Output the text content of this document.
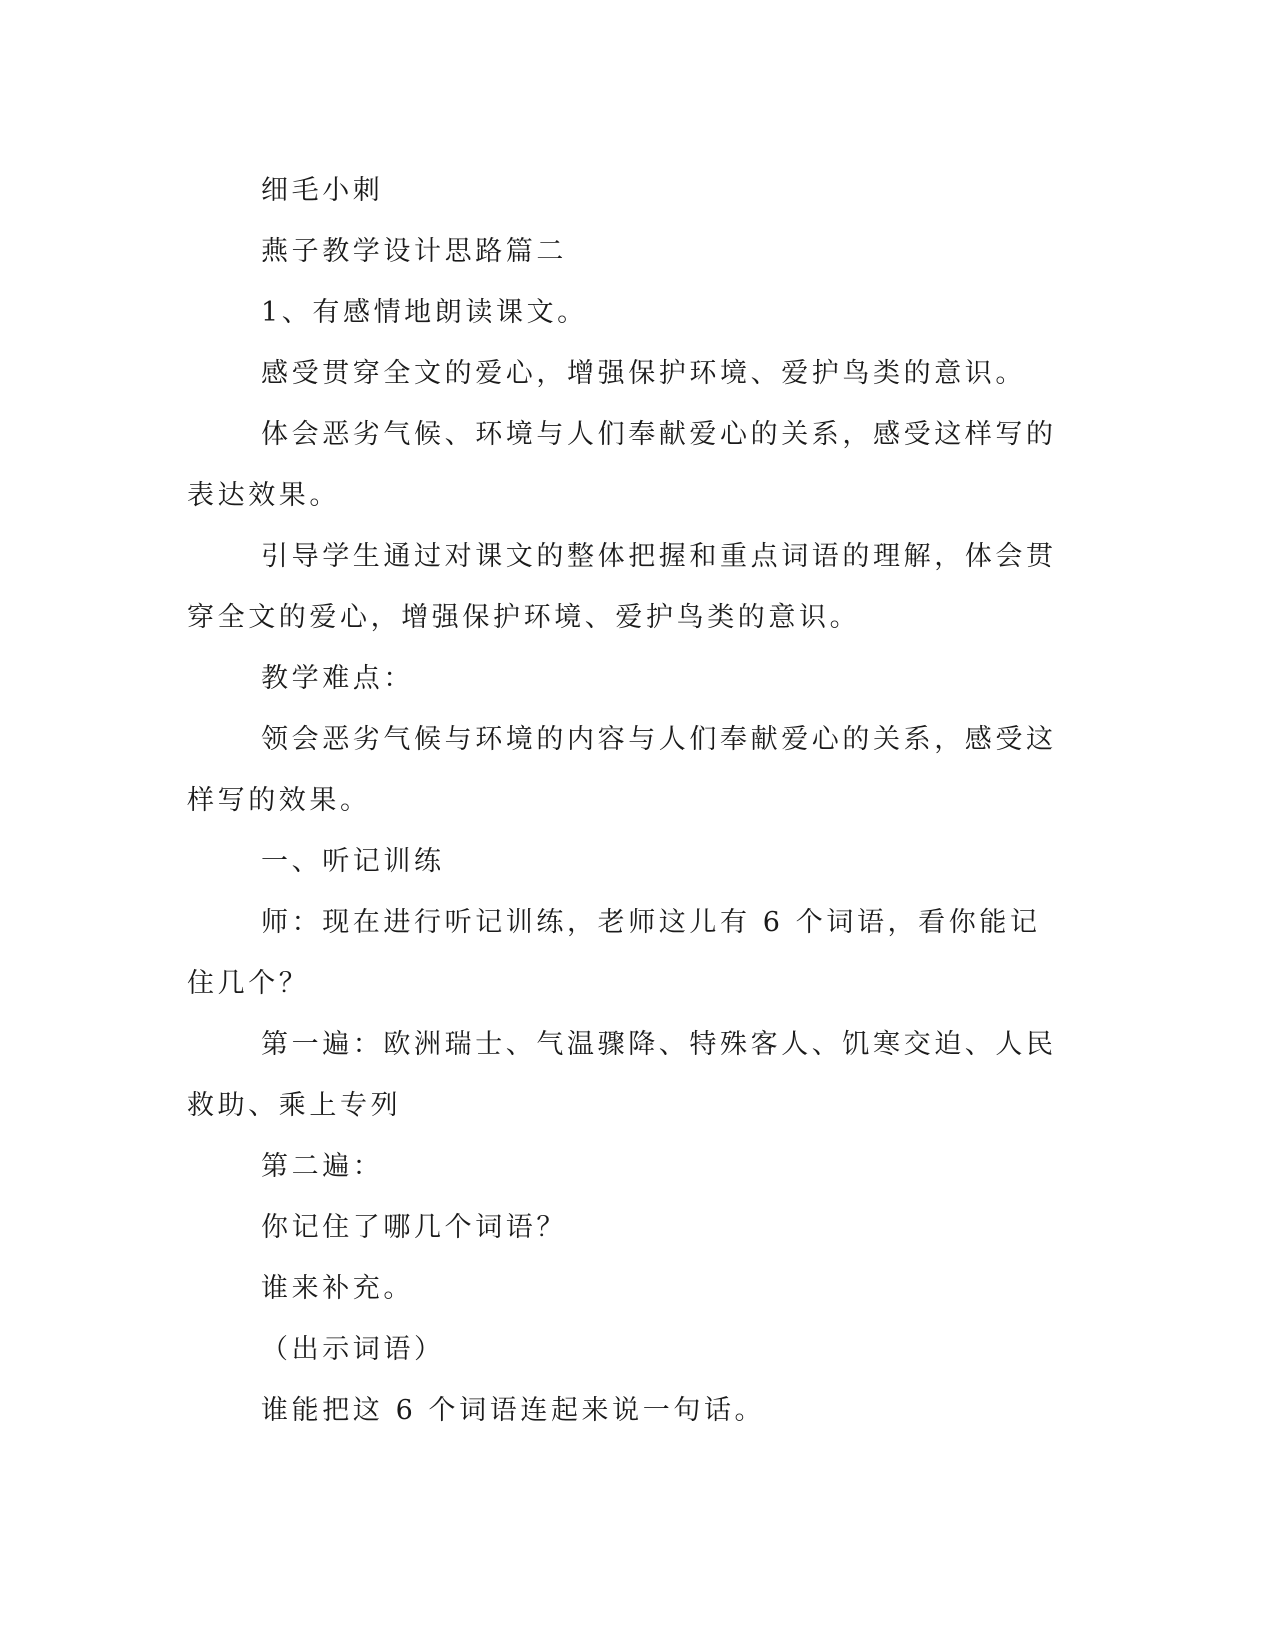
细毛小刺

燕子教学设计思路篇二

1、有感情地朗读课文。

感受贯穿全文的爱心，增强保护环境、爱护鸟类的意识。

体会恶劣气候、环境与人们奉献爱心的关系，感受这样写的表达效果。

引导学生通过对课文的整体把握和重点词语的理解，体会贯穿全文的爱心，增强保护环境、爱护鸟类的意识。

教学难点：

领会恶劣气候与环境的内容与人们奉献爱心的关系，感受这样写的效果。

一、听记训练

师：现在进行听记训练，老师这儿有 6 个词语，看你能记住几个？

第一遍：欧洲瑞士、气温骤降、特殊客人、饥寒交迫、人民救助、乘上专列

第二遍：

你记住了哪几个词语？

谁来补充。

（出示词语）

谁能把这 6 个词语连起来说一句话。
